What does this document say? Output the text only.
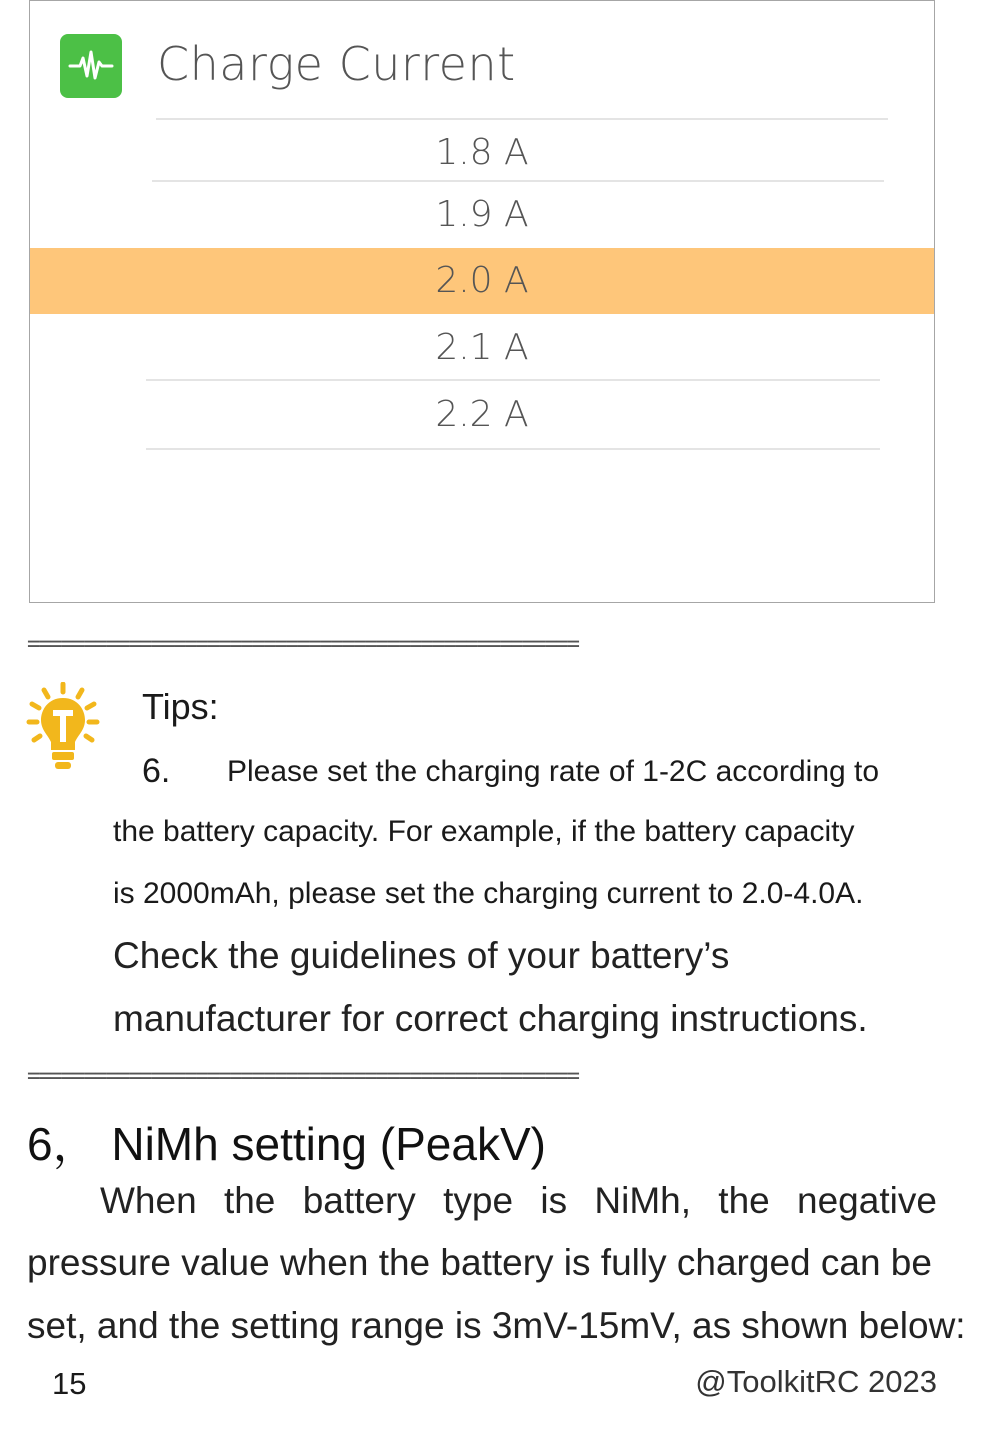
Charge Current
1.8 A
1.9 A
2.0 A
2.1 A
2.2 A
=================================================
Tips:
6. Please set the charging rate of 1-2C according to
the battery capacity. For example, if the battery capacity
is 2000mAh, please set the charging current to 2.0-4.0A.
Check the guidelines of your battery’s
manufacturer for correct charging instructions.
=================================================
6， NiMh setting (PeakV)
When the battery type is NiMh, the negative
pressure value when the battery is fully charged can be
set, and the setting range is 3mV-15mV, as shown below:
15	@ToolkitRC 2023
